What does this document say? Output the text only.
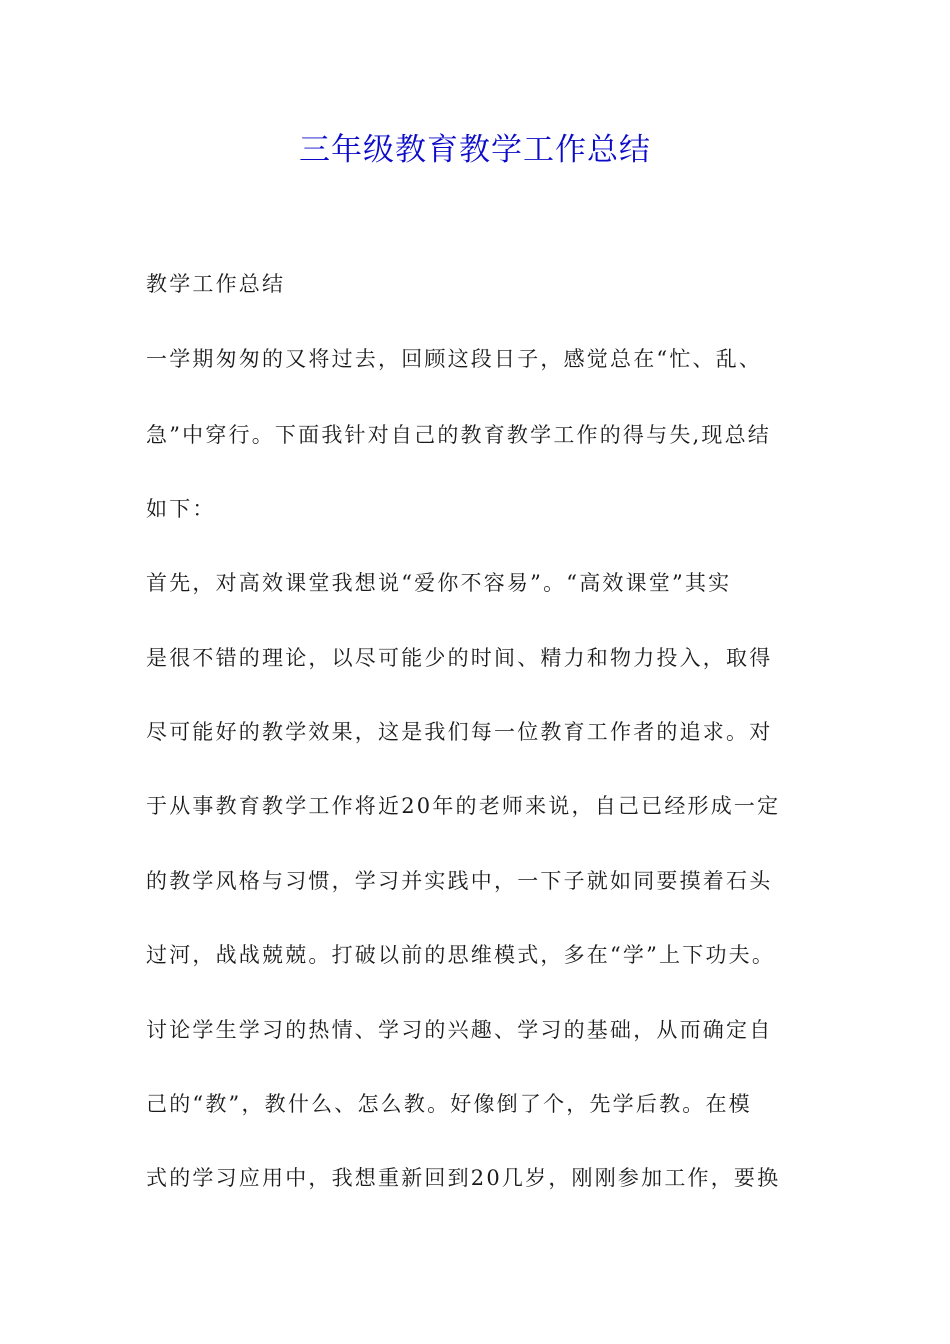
三年级教育教学工作总结

教学工作总结

一学期匆匆的又将过去，回顾这段日子，感觉总在“忙、乱、

急”中穿行。下面我针对自己的教育教学工作的得与失,现总结

如下：

首先，对高效课堂我想说“爱你不容易”。“高效课堂”其实

是很不错的理论，以尽可能少的时间、精力和物力投入，取得

尽可能好的教学效果，这是我们每一位教育工作者的追求。对

于从事教育教学工作将近20年的老师来说，自己已经形成一定

的教学风格与习惯，学习并实践中，一下子就如同要摸着石头

过河，战战兢兢。打破以前的思维模式，多在“学”上下功夫。

讨论学生学习的热情、学习的兴趣、学习的基础，从而确定自

己的“教”，教什么、怎么教。好像倒了个，先学后教。在模

式的学习应用中，我想重新回到20几岁，刚刚参加工作，要换
